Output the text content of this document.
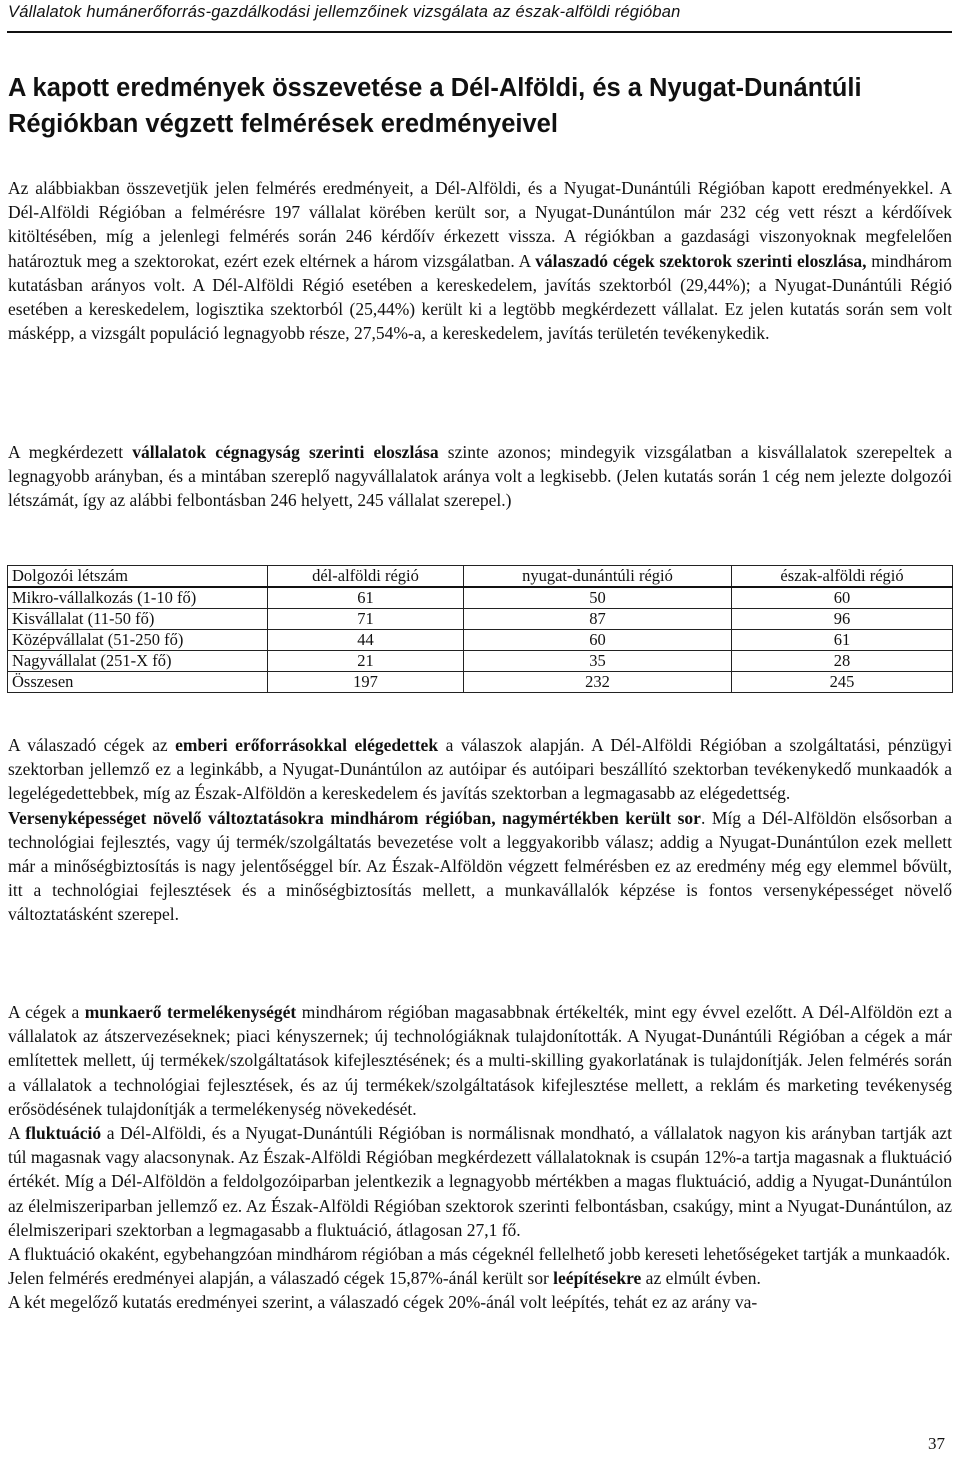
Vállalatok humánerőforrás-gazdálkodási jellemzőinek vizsgálata az észak-alföldi régióban
A kapott eredmények összevetése a Dél-Alföldi, és a Nyugat-Dunántúli Régiókban végzett felmérések eredményeivel

Az alábbiakban összevetjük jelen felmérés eredményeit, a Dél-Alföldi, és a Nyugat-Dunántúli Régióban kapott eredményekkel. A Dél-Alföldi Régióban a felmérésre 197 vállalat körében került sor, a Nyugat-Dunántúlon már 232 cég vett részt a kérdőívek kitöltésében, míg a jelenlegi felmérés során 246 kérdőív érkezett vissza. A régiókban a gazdasági viszonyoknak megfelelően határoztuk meg a szektorokat, ezért ezek eltérnek a három vizsgálatban. A válaszadó cégek szektorok szerinti eloszlása, mindhárom kutatásban arányos volt. A Dél-Alföldi Régió esetében a kereskedelem, javítás szektorból (29,44%); a Nyugat-Dunántúli Régió esetében a kereskedelem, logisztika szektorból (25,44%) került ki a legtöbb megkérdezett vállalat. Ez jelen kutatás során sem volt másképp, a vizsgált populáció legnagyobb része, 27,54%-a, a kereskedelem, javítás területén tevékenykedik.

A megkérdezett vállalatok cégnagyság szerinti eloszlása szinte azonos; mindegyik vizsgálatban a kisvállalatok szerepeltek a legnagyobb arányban, és a mintában szereplő nagyvállalatok aránya volt a legkisebb. (Jelen kutatás során 1 cég nem jelezte dolgozói létszámát, így az alábbi felbontásban 246 helyett, 245 vállalat szerepel.)

Dolgozói létszám	dél-alföldi régió	nyugat-dunántúli régió	észak-alföldi régió
Mikro-vállalkozás (1-10 fő)	61	50	60
Kisvállalat (11-50 fő)	71	87	96
Középvállalat (51-250 fő)	44	60	61
Nagyvállalat (251-X fő)	21	35	28
Összesen	197	232	245

A válaszadó cégek az emberi erőforrásokkal elégedettek a válaszok alapján. A Dél-Alföldi Régióban a szolgáltatási, pénzügyi szektorban jellemző ez a leginkább, a Nyugat-Dunántúlon az autóipar és autóipari beszállító szektorban tevékenykedő munkaadók a legelégedettebbek, míg az Észak-Alföldön a kereskedelem és javítás szektorban a legmagasabb az elégedettség.
Versenyképességet növelő változtatásokra mindhárom régióban, nagymértékben került sor. Míg a Dél-Alföldön elsősorban a technológiai fejlesztés, vagy új termék/szolgáltatás bevezetése volt a leggyakoribb válasz; addig a Nyugat-Dunántúlon ezek mellett már a minőségbiztosítás is nagy jelentőséggel bír. Az Észak-Alföldön végzett felmérésben ez az eredmény még egy elemmel bővült, itt a technológiai fejlesztések és a minőségbiztosítás mellett, a munkavállalók képzése is fontos versenyképességet növelő változtatásként szerepel.

A cégek a munkaerő termelékenységét mindhárom régióban magasabbnak értékelték, mint egy évvel ezelőtt. A Dél-Alföldön ezt a vállalatok az átszervezéseknek; piaci kényszernek; új technológiáknak tulajdonították. A Nyugat-Dunántúli Régióban a cégek a már említettek mellett, új termékek/szolgáltatások kifejlesztésének; és a multi-skilling gyakorlatának is tulajdonítják. Jelen felmérés során a vállalatok a technológiai fejlesztések, és az új termékek/szolgáltatások kifejlesztése mellett, a reklám és marketing tevékenység erősödésének tulajdonítják a termelékenység növekedését.
A fluktuáció a Dél-Alföldi, és a Nyugat-Dunántúli Régióban is normálisnak mondható, a vállalatok nagyon kis arányban tartják azt túl magasnak vagy alacsonynak. Az Észak-Alföldi Régióban megkérdezett vállalatoknak is csupán 12%-a tartja magasnak a fluktuáció értékét. Míg a Dél-Alföldön a feldolgozóiparban jelentkezik a legnagyobb mértékben a magas fluktuáció, addig a Nyugat-Dunántúlon az élelmiszeriparban jellemző ez. Az Észak-Alföldi Régióban szektorok szerinti felbontásban, csakúgy, mint a Nyugat-Dunántúlon, az élelmiszeripari szektorban a legmagasabb a fluktuáció, átlagosan 27,1 fő.
A fluktuáció okaként, egybehangzóan mindhárom régióban a más cégeknél fellelhető jobb kereseti lehetőségeket tartják a munkaadók.
Jelen felmérés eredményei alapján, a válaszadó cégek 15,87%-ánál került sor leépítésekre az elmúlt évben.
A két megelőző kutatás eredményei szerint, a válaszadó cégek 20%-ánál volt leépítés, tehát ez az arány va-

37
